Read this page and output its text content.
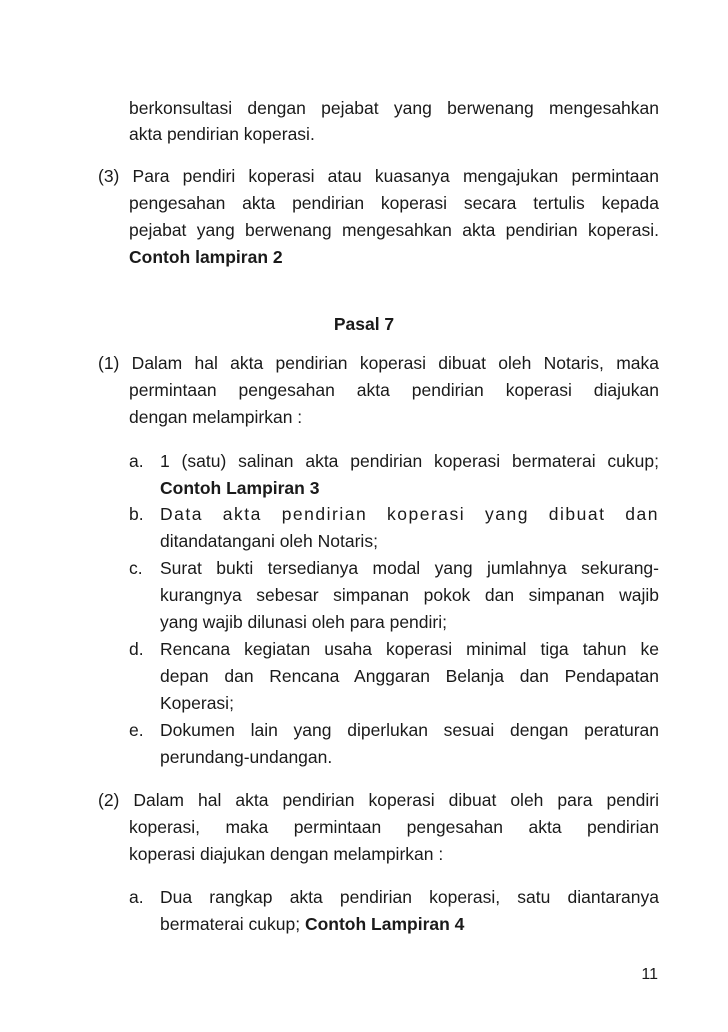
berkonsultasi dengan pejabat yang berwenang mengesahkan
akta pendirian koperasi.
(3) Para pendiri koperasi atau kuasanya mengajukan permintaan
pengesahan akta pendirian koperasi secara tertulis kepada
pejabat yang berwenang mengesahkan akta pendirian koperasi.
Contoh lampiran 2
Pasal 7
(1) Dalam hal akta pendirian koperasi dibuat oleh Notaris, maka
permintaan pengesahan akta pendirian koperasi diajukan
dengan melampirkan :
a. 1 (satu) salinan akta pendirian koperasi bermaterai cukup;
Contoh Lampiran 3
b. Data akta pendirian koperasi yang dibuat dan
ditandatangani oleh Notaris;
c. Surat bukti tersedianya modal yang jumlahnya sekurang-
kurangnya sebesar simpanan pokok dan simpanan wajib
yang wajib dilunasi oleh para pendiri;
d. Rencana kegiatan usaha koperasi minimal tiga tahun ke
depan dan Rencana Anggaran Belanja dan Pendapatan
Koperasi;
e. Dokumen lain yang diperlukan sesuai dengan peraturan
perundang-undangan.
(2) Dalam hal akta pendirian koperasi dibuat oleh para pendiri
koperasi, maka permintaan pengesahan akta pendirian
koperasi diajukan dengan melampirkan :
a. Dua rangkap akta pendirian koperasi, satu diantaranya
bermaterai cukup; Contoh Lampiran 4
11
